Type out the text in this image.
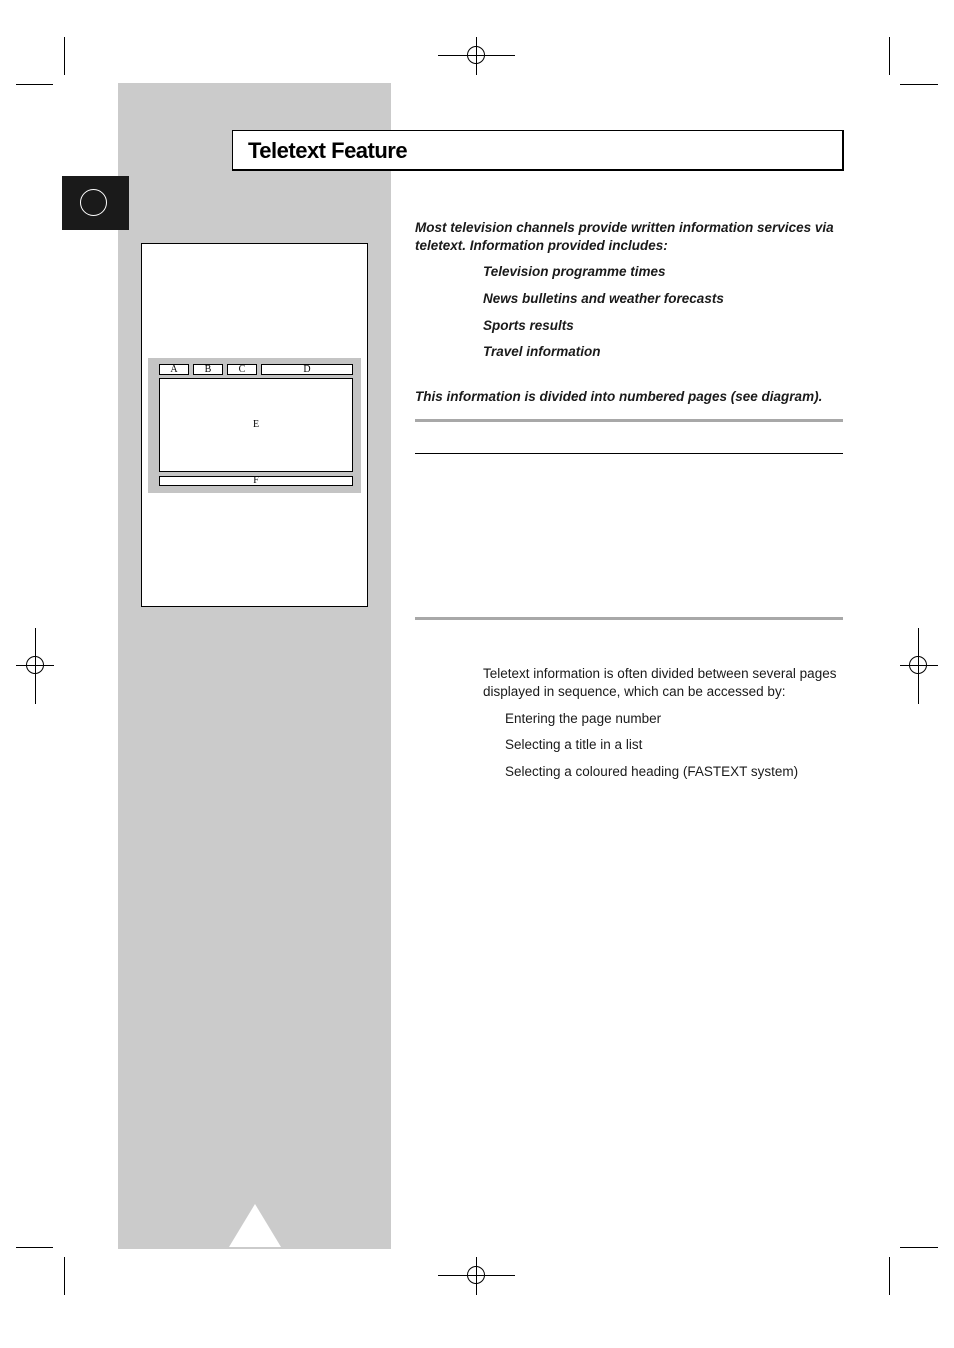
Teletext Feature
A	B	C	D
E
F
Most television channels provide written information services via teletext. Information provided includes:
Television programme times
News bulletins and weather forecasts
Sports results
Travel information
This information is divided into numbered pages (see diagram).
Teletext information is often divided between several pages displayed in sequence, which can be accessed by:
Entering the page number
Selecting a title in a list
Selecting a coloured heading (FASTEXT system)
